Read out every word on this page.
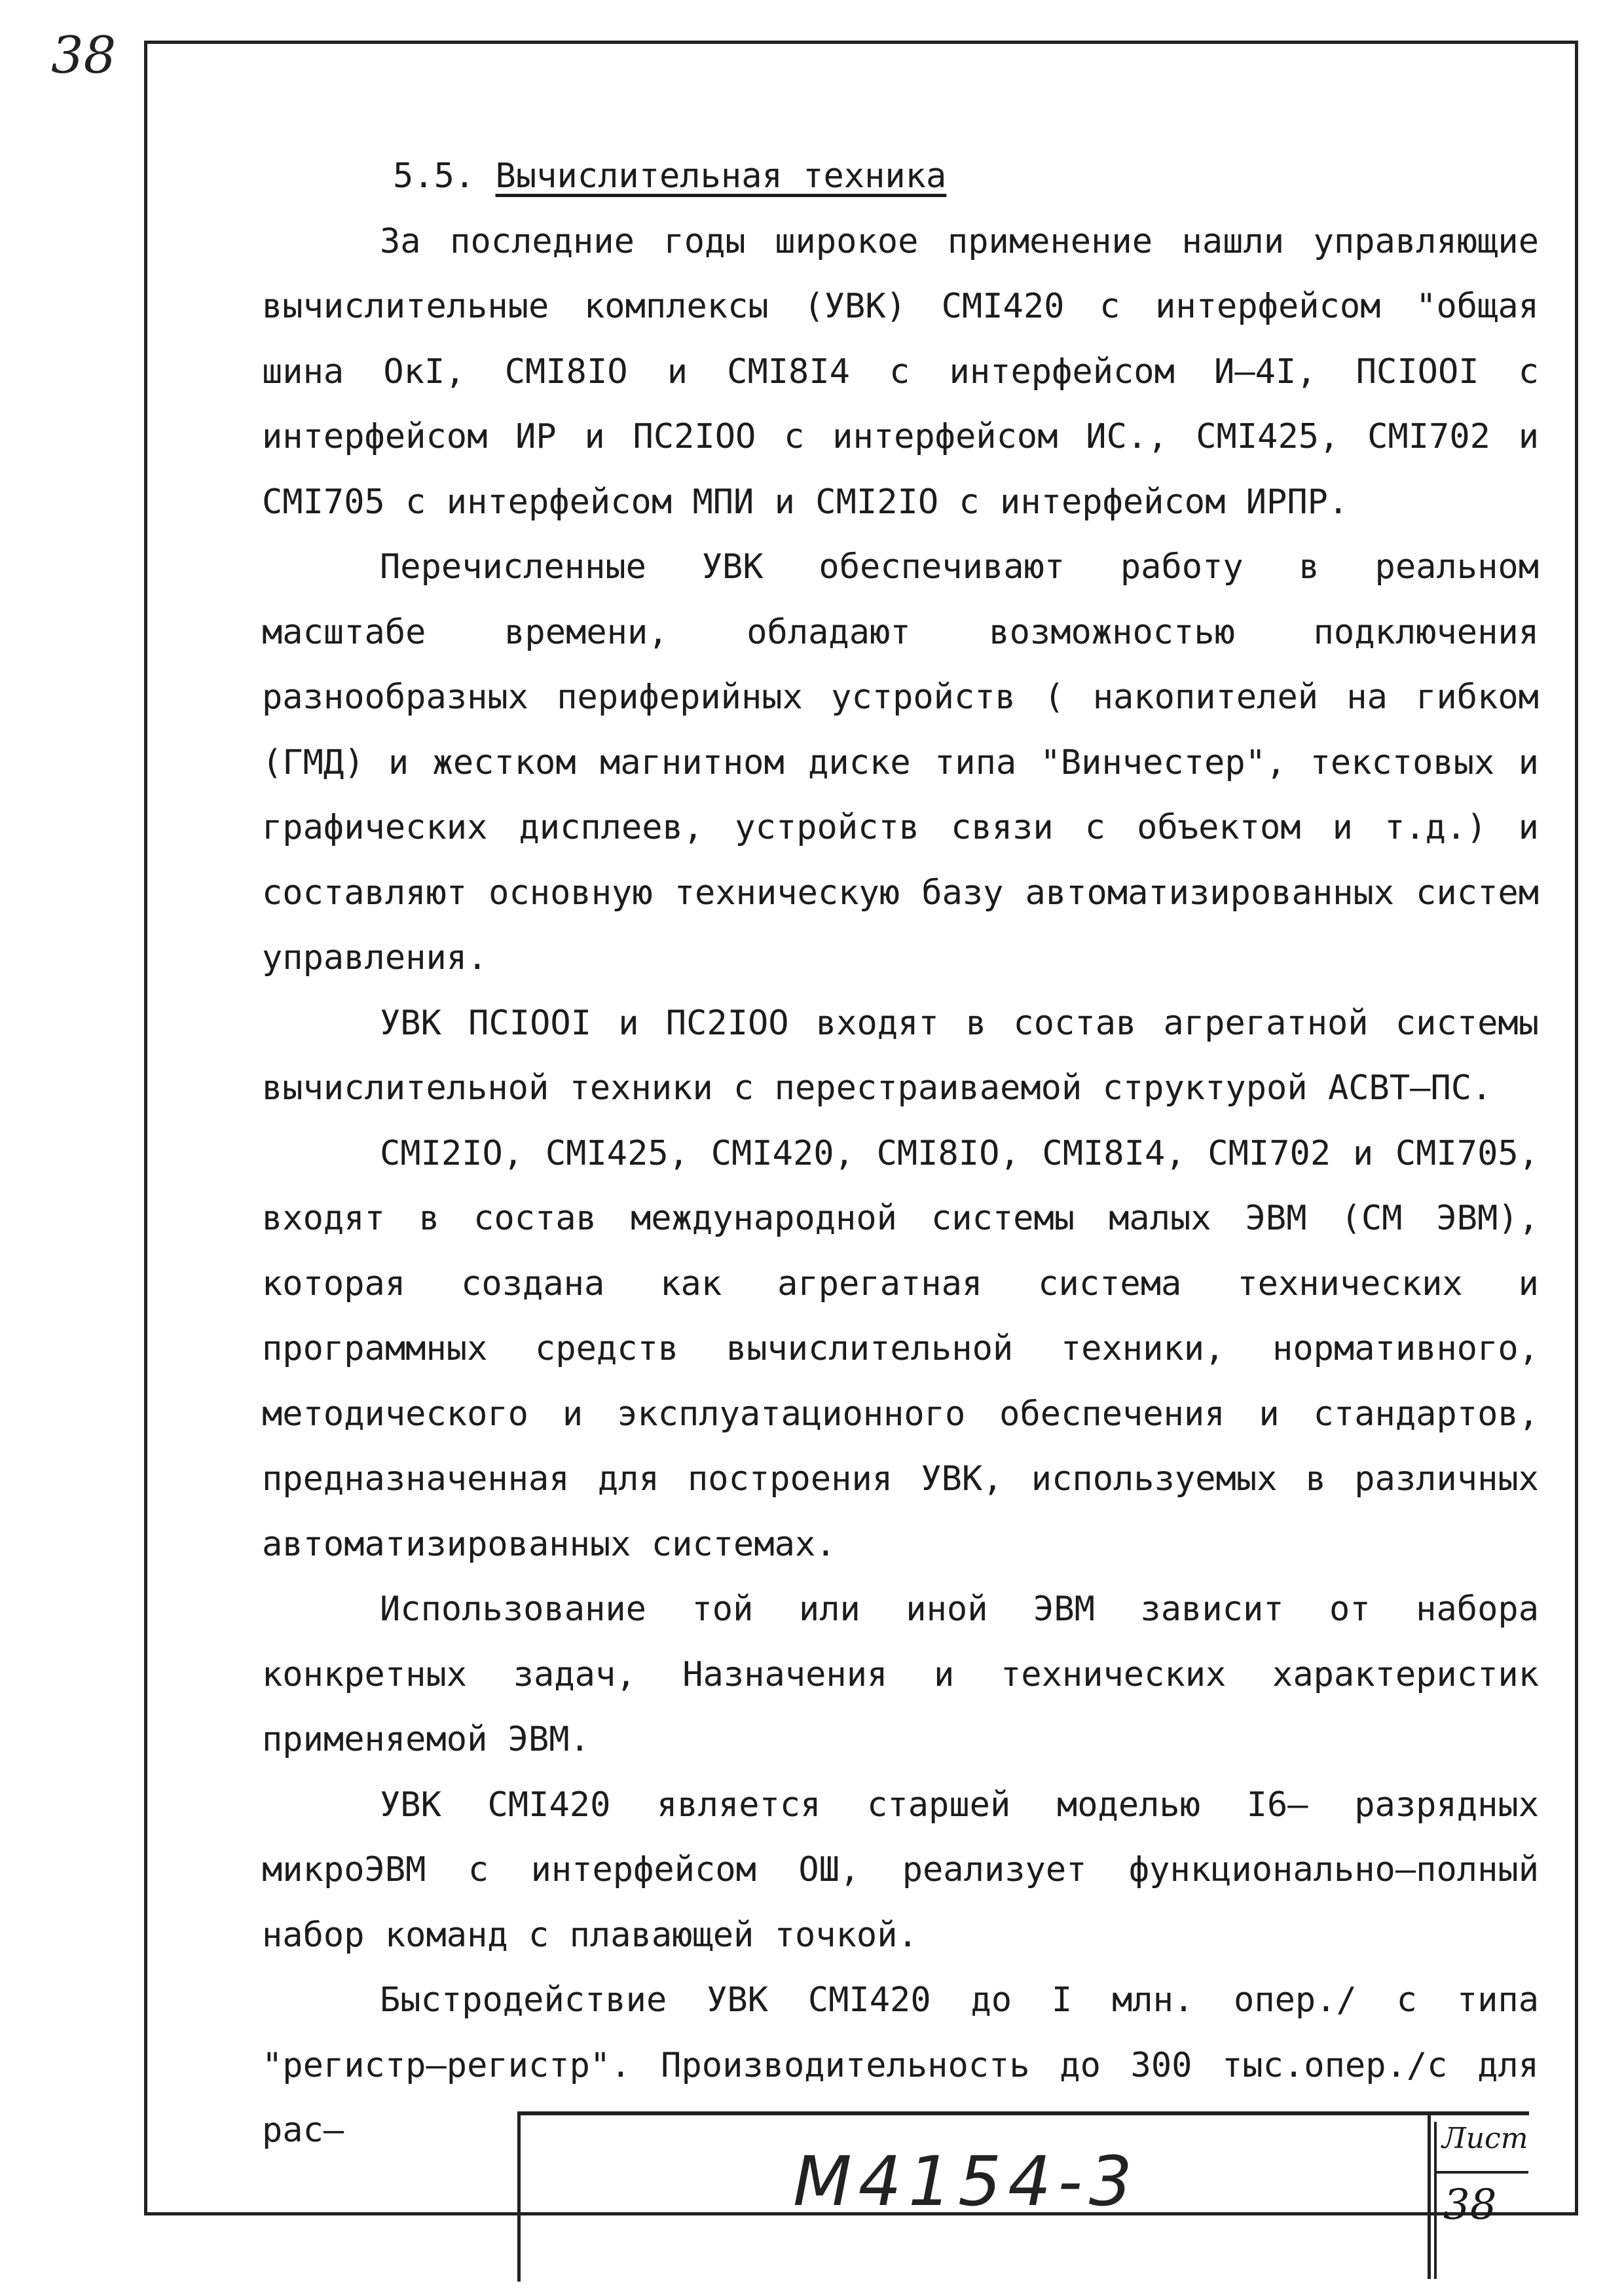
38

5.5. Вычислительная техника

За последние годы широкое применение нашли управляющие вычислительные комплексы (УВК) СМI420 с интерфейсом "общая шина ОкI, СМI8IO и СМI8I4 с интерфейсом И–4I, ПСIOOI с интерфейсом ИР и ПС2IOO с интерфейсом ИС., СМI425, СМI702 и СМI705 с интерфейсом МПИ и СМI2IO с интерфейсом ИРПР.

Перечисленные УВК обеспечивают работу в реальном масштабе времени, обладают возможностью подключения разнообразных периферийных устройств ( накопителей на гибком (ГМД) и жестком магнитном диске типа "Винчестер", текстовых и графических дисплеев, устройств связи с объектом и т.д.) и составляют основную техническую базу автоматизированных систем управления.

УВК ПСIOOI и ПС2IOO входят в состав агрегатной системы вычислительной техники с перестраиваемой структурой АСВТ–ПС.

СМI2IO, СМI425, СМI420, СМI8IO, СМI8I4, СМI702 и СМI705, входят в состав международной системы малых ЭВМ (СМ ЭВМ), которая создана как агрегатная система технических и программных средств вычислительной техники, нормативного, методического и эксплуатационного обеспечения и стандартов, предназначенная для построения УВК, используемых в различных автоматизированных системах.

Использование той или иной ЭВМ зависит от набора конкретных задач, Назначения и технических характеристик применяемой ЭВМ.

УВК СМI420 является старшей моделью I6– разрядных микроЭВМ с интерфейсом ОШ, реализует функционально–полный набор команд с плавающей точкой.

Быстродействие УВК СМI420 до I млн. опер./ с типа "регистр–регистр". Производительность до 300 тыс.опер./с для рас–

М4154-3
Лист
38
